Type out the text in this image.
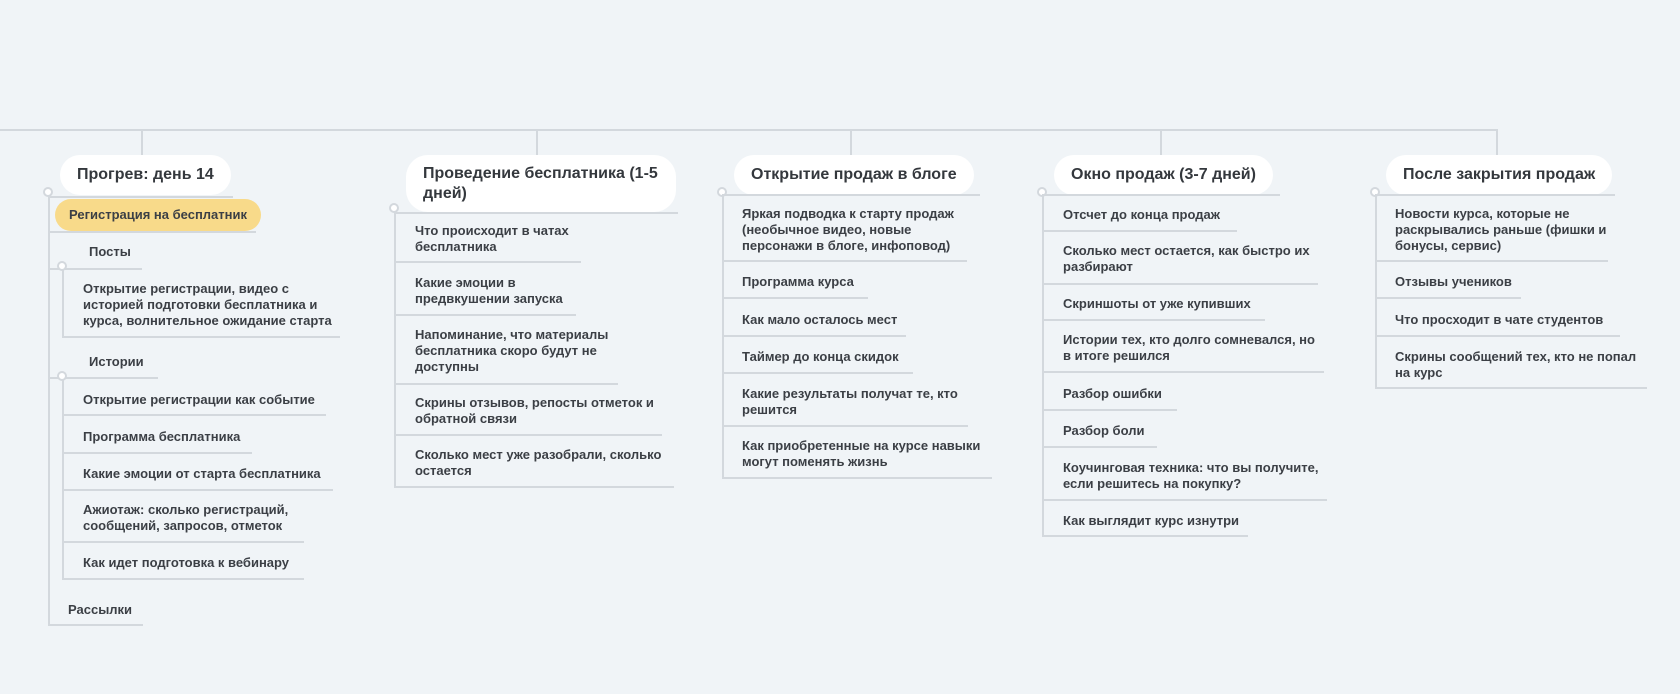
Прогрев: день 14
Регистрация на бесплатник
Посты
Открытие регистрации, видео с
историей подготовки бесплатника и
курса, волнительное ожидание старта
Истории
Открытие регистрации как событие
Программа бесплатника
Какие эмоции от старта бесплатника
Ажиотаж: сколько регистраций,
сообщений, запросов, отметок
Как идет подготовка к вебинару
Рассылки
Проведение бесплатника (1-5
дней)
Что происходит в чатах
бесплатника
Какие эмоции в
предвкушении запуска
Напоминание, что материалы
бесплатника скоро будут не
доступны
Скрины отзывов, репосты отметок и
обратной связи
Сколько мест уже разобрали, сколько
остается
Открытие продаж в блоге
Яркая подводка к старту продаж
(необычное видео, новые
персонажи в блоге, инфоповод)
Программа курса
Как мало осталось мест
Таймер до конца скидок
Какие результаты получат те, кто
решится
Как приобретенные на курсе навыки
могут поменять жизнь
Окно продаж (3-7 дней)
Отсчет до конца продаж
Сколько мест остается, как быстро их
разбирают
Скриншоты от уже купивших
Истории тех, кто долго сомневался, но
в итоге решился
Разбор ошибки
Разбор боли
Коучинговая техника: что вы получите,
если решитесь на покупку?
Как выглядит курс изнутри
После закрытия продаж
Новости курса, которые не
раскрывались раньше (фишки и
бонусы, сервис)
Отзывы учеников
Что просходит в чате студентов
Скрины сообщений тех, кто не попал
на курс
